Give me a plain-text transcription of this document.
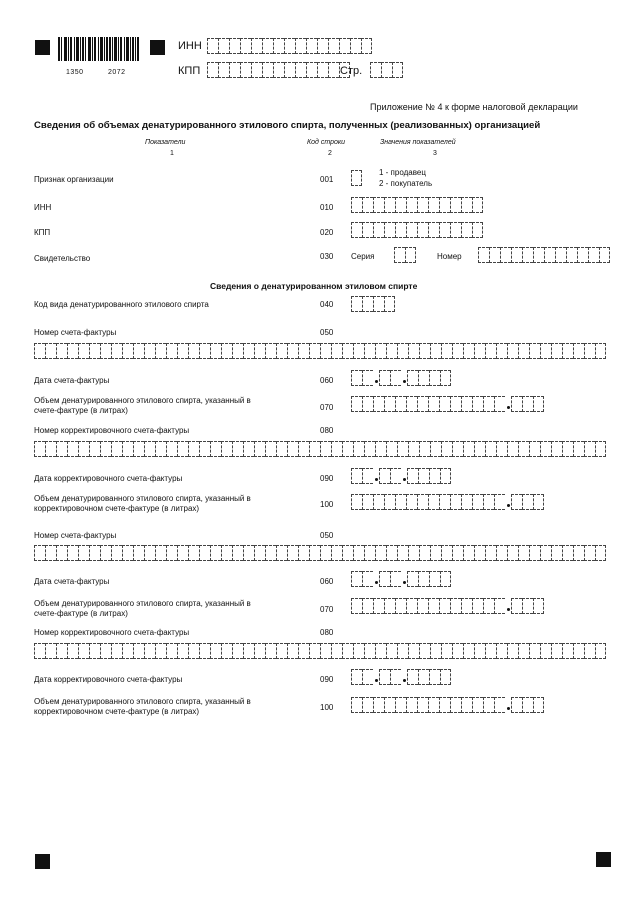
1350	2072
ИНН
КПП	Стр.
Приложение № 4 к форме налоговой декларации
Сведения об объемах денатурированного этилового спирта, полученных (реализованных) организацией
Показатели
1
Код строки
2
Значения показателей
3
Признак организации	001
1 - продавец
2 - покупатель
ИНН	010
КПП	020
Свидетельство	030 Серия	Номер
Сведения о денатурированном этиловом спирте
Код вида денатурированного этилового спирта	040
Номер счета-фактуры	050
Дата счета-фактуры	060
Объем денатурированного этилового спирта, указанный в
счете-фактуре (в литрах)	070
Номер корректировочного счета-фактуры	080
Дата корректировочного счета-фактуры	090
Объем денатурированного этилового спирта, указанный в
корректировочном счете-фактуре (в литрах)	100
Номер счета-фактуры	050
Дата счета-фактуры	060
Объем денатурированного этилового спирта, указанный в
счете-фактуре (в литрах)	070
Номер корректировочного счета-фактуры	080
Дата корректировочного счета-фактуры	090
Объем денатурированного этилового спирта, указанный в
корректировочном счете-фактуре (в литрах)	100
